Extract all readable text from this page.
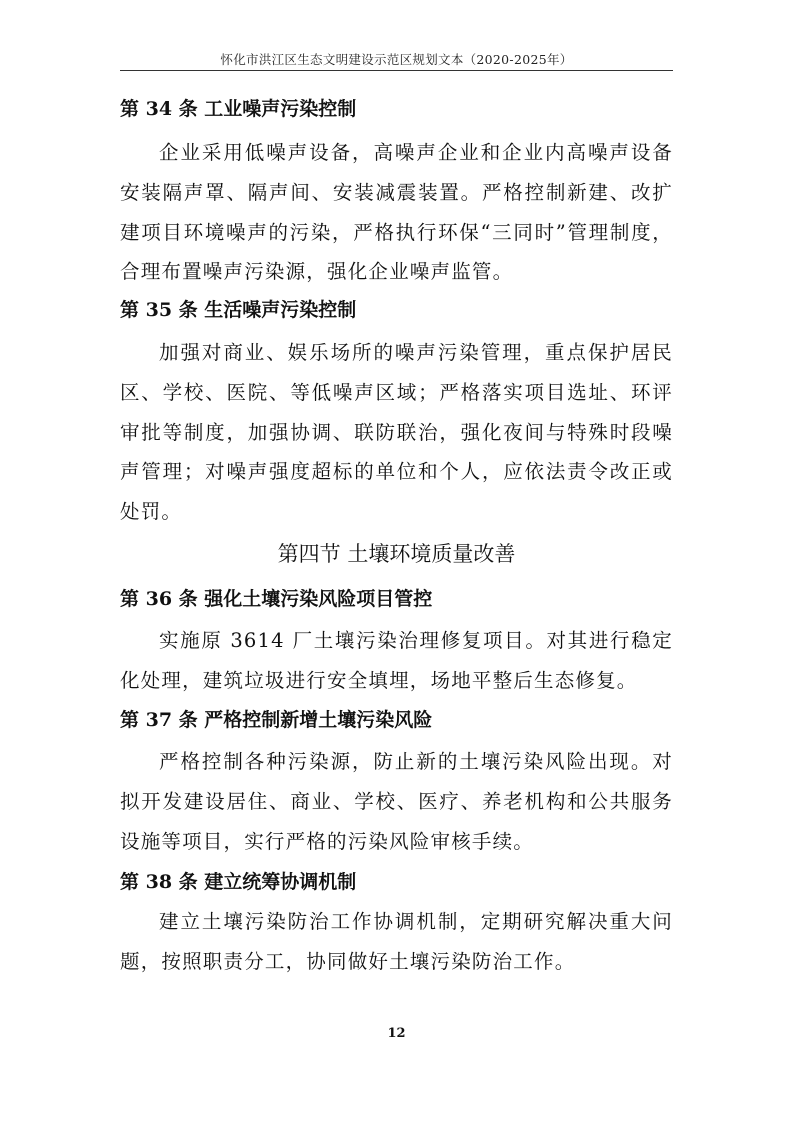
怀化市洪江区生态文明建设示范区规划文本（2020-2025年）
第 34 条 工业噪声污染控制
企业采用低噪声设备，高噪声企业和企业内高噪声设备安装隔声罩、隔声间、安装减震装置。严格控制新建、改扩建项目环境噪声的污染，严格执行环保“三同时”管理制度，合理布置噪声污染源，强化企业噪声监管。
第 35 条 生活噪声污染控制
加强对商业、娱乐场所的噪声污染管理，重点保护居民区、学校、医院、等低噪声区域；严格落实项目选址、环评审批等制度，加强协调、联防联治，强化夜间与特殊时段噪声管理；对噪声强度超标的单位和个人，应依法责令改正或处罚。
第四节 土壤环境质量改善
第 36 条 强化土壤污染风险项目管控
实施原 3614 厂土壤污染治理修复项目。对其进行稳定化处理，建筑垃圾进行安全填埋，场地平整后生态修复。
第 37 条 严格控制新增土壤污染风险
严格控制各种污染源，防止新的土壤污染风险出现。对拟开发建设居住、商业、学校、医疗、养老机构和公共服务设施等项目，实行严格的污染风险审核手续。
第 38 条 建立统筹协调机制
建立土壤污染防治工作协调机制，定期研究解决重大问题，按照职责分工，协同做好土壤污染防治工作。
12
